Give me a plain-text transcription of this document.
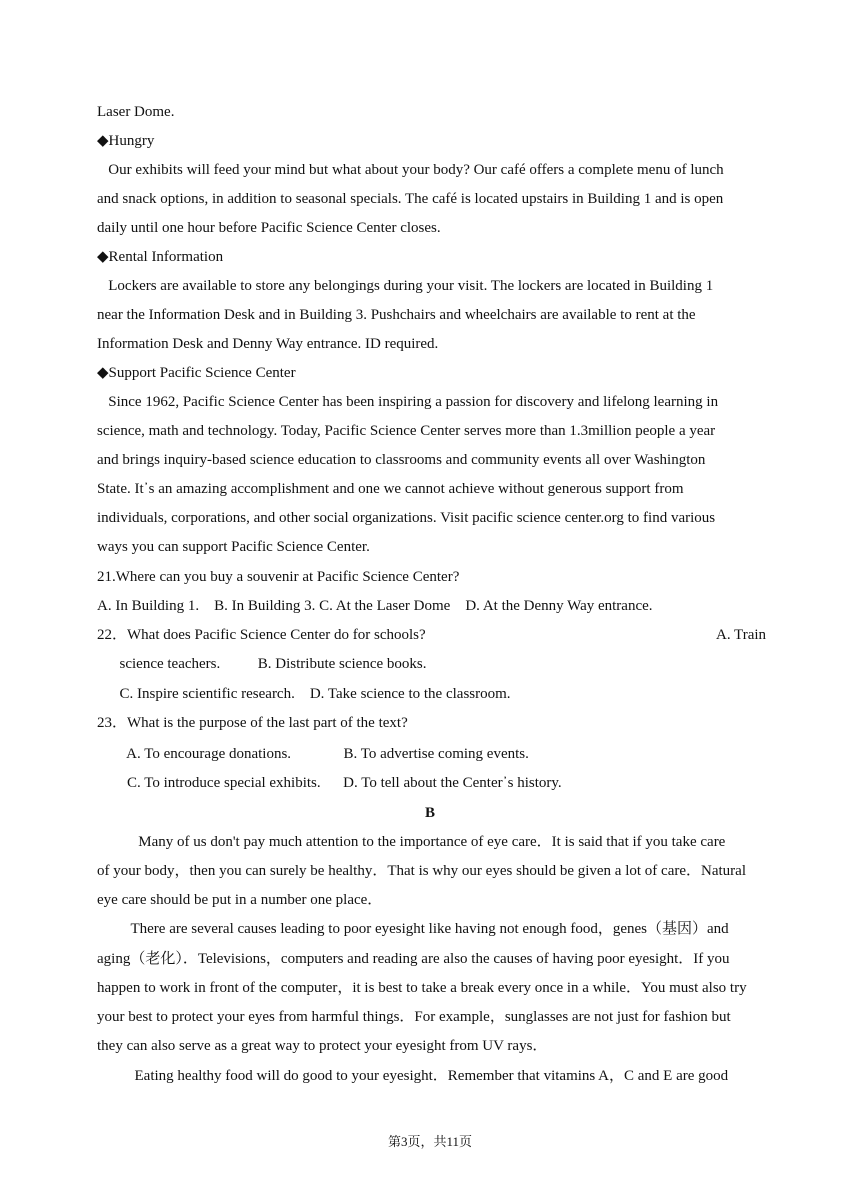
Laser Dome.
◆Hungry
Our exhibits will feed your mind but what about your body? Our café offers a complete menu of lunch
and snack options, in addition to seasonal specials. The café is located upstairs in Building 1 and is open
daily until one hour before Pacific Science Center closes.
◆Rental Information
Lockers are available to store any belongings during your visit. The lockers are located in Building 1
near the Information Desk and in Building 3. Pushchairs and wheelchairs are available to rent at the
Information Desk and Denny Way entrance. ID required.
◆Support Pacific Science Center
Since 1962, Pacific Science Center has been inspiring a passion for discovery and lifelong learning in
science, math and technology. Today, Pacific Science Center serves more than 1.3million people a year
and brings inquiry-based science education to classrooms and community events all over Washington
State. It᾿s an amazing accomplishment and one we cannot achieve without generous support from
individuals, corporations, and other social organizations. Visit pacific science center.org to find various
ways you can support Pacific Science Center.
21.Where can you buy a souvenir at Pacific Science Center?
A. In Building 1.    B. In Building 3. C. At the Laser Dome    D. At the Denny Way entrance.
22．What does Pacific Science Center do for schools?	A. Train
science teachers.          B. Distribute science books.
C. Inspire scientific research.    D. Take science to the classroom.
23．What is the purpose of the last part of the text?
A. To encourage donations.              B. To advertise coming events.
C. To introduce special exhibits.      D. To tell about the Center᾿s history.
B
Many of us don't pay much attention to the importance of eye care．It is said that if you take care
of your body，then you can surely be healthy．That is why our eyes should be given a lot of care．Natural
eye care should be put in a number one place．
There are several causes leading to poor eyesight like having not enough food，genes（基因）and
aging（老化）．Televisions，computers and reading are also the causes of having poor eyesight．If you
happen to work in front of the computer，it is best to take a break every once in a while．You must also try
your best to protect your eyes from harmful things．For example，sunglasses are not just for fashion but
they can also serve as a great way to protect your eyesight from UV rays．
Eating healthy food will do good to your eyesight．Remember that vitamins A，C and E are good
第3页，共11页
